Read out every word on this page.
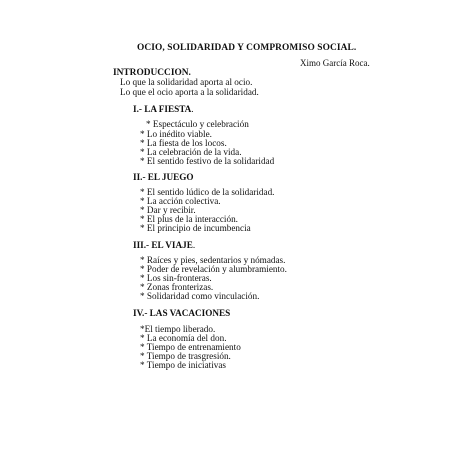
OCIO, SOLIDARIDAD Y COMPROMISO SOCIAL.
Ximo García Roca.
INTRODUCCION.
Lo que la solidaridad aporta al ocio.
Lo que el ocio aporta a la solidaridad.
I.- LA FIESTA.
* Espectáculo y celebración
* Lo inédito viable.
* La fiesta de los locos.
* La celebración de la vida.
* El sentido festivo de la solidaridad
II.- EL JUEGO
* El sentido lúdico de la solidaridad.
* La acción colectiva.
* Dar y recibir.
* El plus de la interacción.
* El principio de incumbencia
III.- EL VIAJE.
* Raíces y pies, sedentarios y nómadas.
* Poder de revelación y alumbramiento.
* Los sin-fronteras.
* Zonas fronterizas.
* Solidaridad como vinculación.
IV.- LAS VACACIONES
*El tiempo liberado.
* La economía del don.
* Tiempo de entrenamiento
* Tiempo de trasgresión.
* Tiempo de iniciativas
